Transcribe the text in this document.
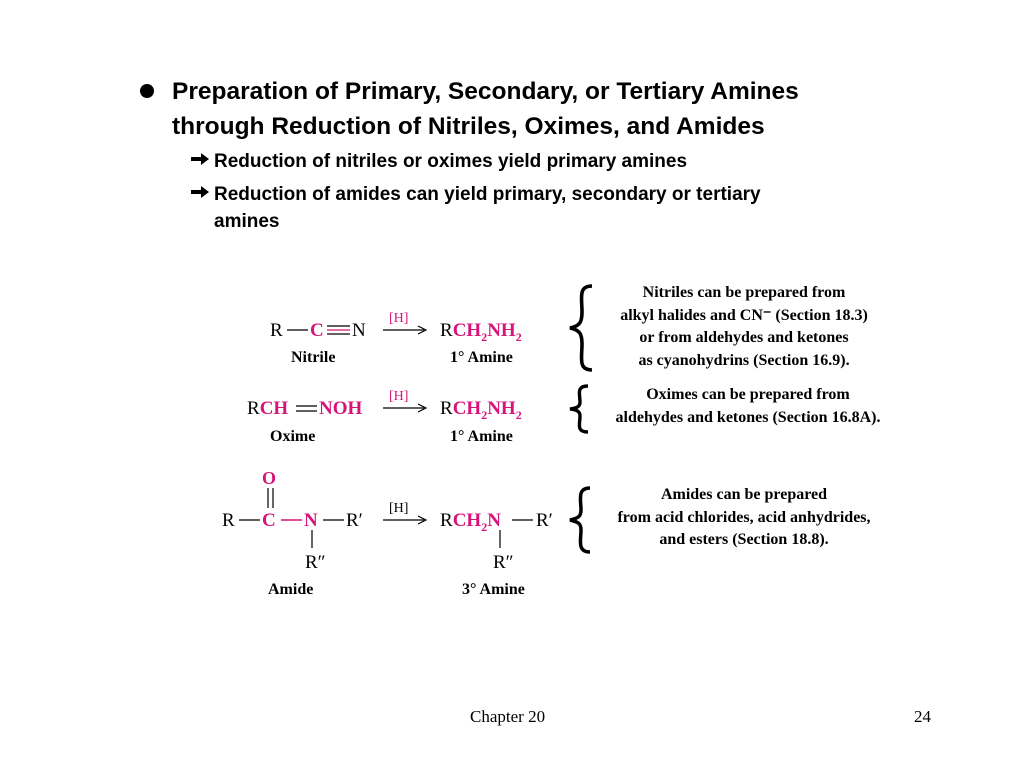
Preparation of Primary, Secondary, or Tertiary Amines
through Reduction of Nitriles, Oximes, and Amides
Reduction of nitriles or oximes yield primary amines
Reduction of amides can yield primary, secondary or tertiary
amines
R C N
Nitrile
[H]
$RCH_2NH_2$
1° Amine
RCH NOH
Oxime
[H]
$RCH_2NH_2$
1° Amine
O
R C N R′
R″
Amide
[H]
$RCH_2N$ R′
R″
3° Amine
Nitriles can be prepared from
alkyl halides and CN⁻ (Section 18.3)
or from aldehydes and ketones
as cyanohydrins (Section 16.9).
Oximes can be prepared from
aldehydes and ketones (Section 16.8A).
Amides can be prepared
from acid chlorides, acid anhydrides,
and esters (Section 18.8).
Chapter 20	24
